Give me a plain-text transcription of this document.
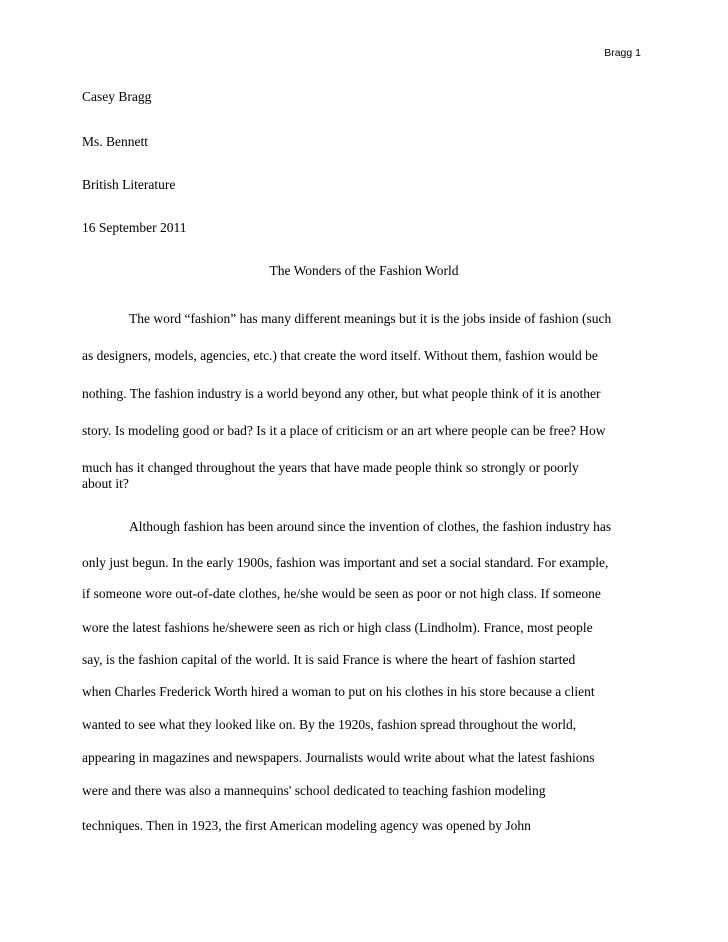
Bragg 1
Casey Bragg
Ms. Bennett
British Literature
16 September 2011
The Wonders of the Fashion World
The word “fashion” has many different meanings but it is the jobs inside of fashion (such
as designers, models, agencies, etc.) that create the word itself. Without them, fashion would be
nothing. The fashion industry is a world beyond any other, but what people think of it is another
story. Is modeling good or bad? Is it a place of criticism or an art where people can be free? How
much has it changed throughout the years that have made people think so strongly or poorly
about it?
Although fashion has been around since the invention of clothes, the fashion industry has
only just begun. In the early 1900s, fashion was important and set a social standard. For example,
if someone wore out-of-date clothes, he/she would be seen as poor or not high class. If someone
wore the latest fashions he/shewere seen as rich or high class (Lindholm). France, most people
say, is the fashion capital of the world. It is said France is where the heart of fashion started
when Charles Frederick Worth hired a woman to put on his clothes in his store because a client
wanted to see what they looked like on. By the 1920s, fashion spread throughout the world,
appearing in magazines and newspapers. Journalists would write about what the latest fashions
were and there was also a mannequins' school dedicated to teaching fashion modeling
techniques. Then in 1923, the first American modeling agency was opened by John
